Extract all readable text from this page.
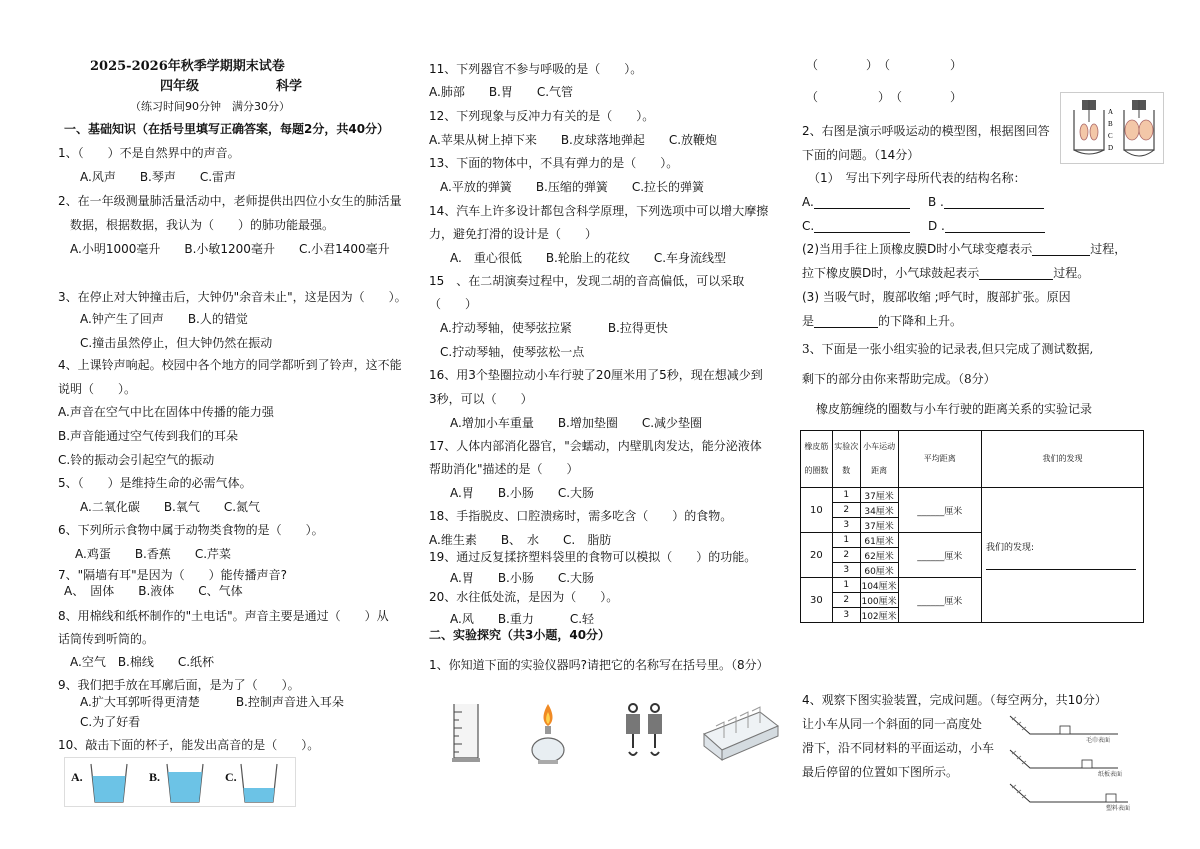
2025-2026年秋季学期期末试卷
四年级	科学
（练习时间90分钟　满分30分）
一、基础知识（在括号里填写正确答案，每题2分，共40分）
1、（　　）不是自然界中的声音。
A.风声　　B.琴声　　C.雷声
2、在一年级测量肺活量活动中，老师提供出四位小女生的肺活量
数据，根据数据，我认为（　　）的肺功能最强。
A.小明1000毫升　　B.小敏1200毫升　　C.小君1400毫升
3、在停止对大钟撞击后，大钟仍"余音未止"，这是因为（　　）。
A.钟产生了回声　　B.人的错觉
C.撞击虽然停止，但大钟仍然在振动
4、上课铃声响起。校园中各个地方的同学都听到了铃声，这不能
说明（　　）。
A.声音在空气中比在固体中传播的能力强
B.声音能通过空气传到我们的耳朵
C.铃的振动会引起空气的振动
5、（　　）是维持生命的必需气体。
A.二氧化碳　　B.氧气　　C.氮气
6、下列所示食物中属于动物类食物的是（　　）。
A.鸡蛋　　B.香蕉　　C.芹菜
7、"隔墙有耳"是因为（　　）能传播声音?
A、　固体　　B.液体　　C、气体
8、用棉线和纸杯制作的"土电话"。声音主要是通过（　　）从
话筒传到听筒的。
A.空气　B.棉线　　C.纸杯
9、我们把手放在耳廓后面，是为了（　　）。
A.扩大耳郭听得更清楚　　　B.控制声音进入耳朵
C.为了好看
10、敲击下面的杯子，能发出高音的是（　　）。
A.	B.	C.
11、下列器官不参与呼吸的是（　　）。
A.肺部　　B.胃　　C.气管
12、下列现象与反冲力有关的是（　　）。
A.苹果从树上掉下来　　B.皮球落地弹起　　C.放鞭炮
13、下面的物体中，不具有弹力的是（　　）。
A.平放的弹簧　　B.压缩的弹簧　　C.拉长的弹簧
14、汽车上许多设计都包含科学原理，下列选项中可以增大摩擦
力，避免打滑的设计是（　　）
A.　重心很低　　B.轮胎上的花纹　　C.车身流线型
15　、在二胡演奏过程中，发现二胡的音高偏低，可以采取
（　　）
A.拧动琴轴，使琴弦拉紧　　　B.拉得更快
C.拧动琴轴，使琴弦松一点
16、用3个垫圈拉动小车行驶了20厘米用了5秒，现在想减少到
3秒，可以（　　）
A.增加小车重量　　B.增加垫圈　　C.减少垫圈
17、人体内部消化器官，"会蠕动，内壁肌肉发达，能分泌液体
帮助消化"描述的是（　　）
A.胃　　B.小肠　　C.大肠
18、手指脱皮、口腔溃疡时，需多吃含（　　）的食物。
A.维生素　　B、　水　　C.　脂肪
19、通过反复揉挤塑料袋里的食物可以模拟（　　）的功能。
A.胃　　B.小肠　　C.大肠
20、水往低处流，是因为（　　）。
A.风　　B.重力　　　C.轻
二、实验探究（共3小题，40分）
1、你知道下面的实验仪器吗?请把它的名称写在括号里。（8分）
（　　　　）　（　　　　　）
（　　　　　）　（　　　　）
A
B
C
D
2、右图是演示呼吸运动的模型图，根据图回答
下面的问题。（14分）
（1）　写出下列字母所代表的结构名称：
A.	B .
C.	D .
(2)当用手往上顶橡皮膜D时小气球变瘪表示	过程，
拉下橡皮膜D时，小气球鼓起表示	过程。
(3) 当吸气时，腹部收缩 ;呼气时，腹部扩张。原因
是	的下降和上升。
3、下面是一张小组实验的记录表,但只完成了测试数据,
剩下的部分由你来帮助完成。（8分）
橡皮筋缠绕的圈数与小车行驶的距离关系的实验记录
橡皮筋的圈数	实验次数	小车运动距离	平均距离	我们的发现
10	1	37厘米	______厘米	我们的发现:

	2	34厘米		
	3	37厘米		
20	1	61厘米	______厘米	
	2	62厘米		
	3	60厘米		
30	1	104厘米	______厘米	
	2	100厘米		
	3	102厘米		
4、观察下图实验装置，完成问题。（每空两分，共10分）
让小车从同一个斜面的同一高度处
滑下，沿不同材料的平面运动，小车
最后停留的位置如下图所示。
毛巾表面
纸板表面
塑料表面
